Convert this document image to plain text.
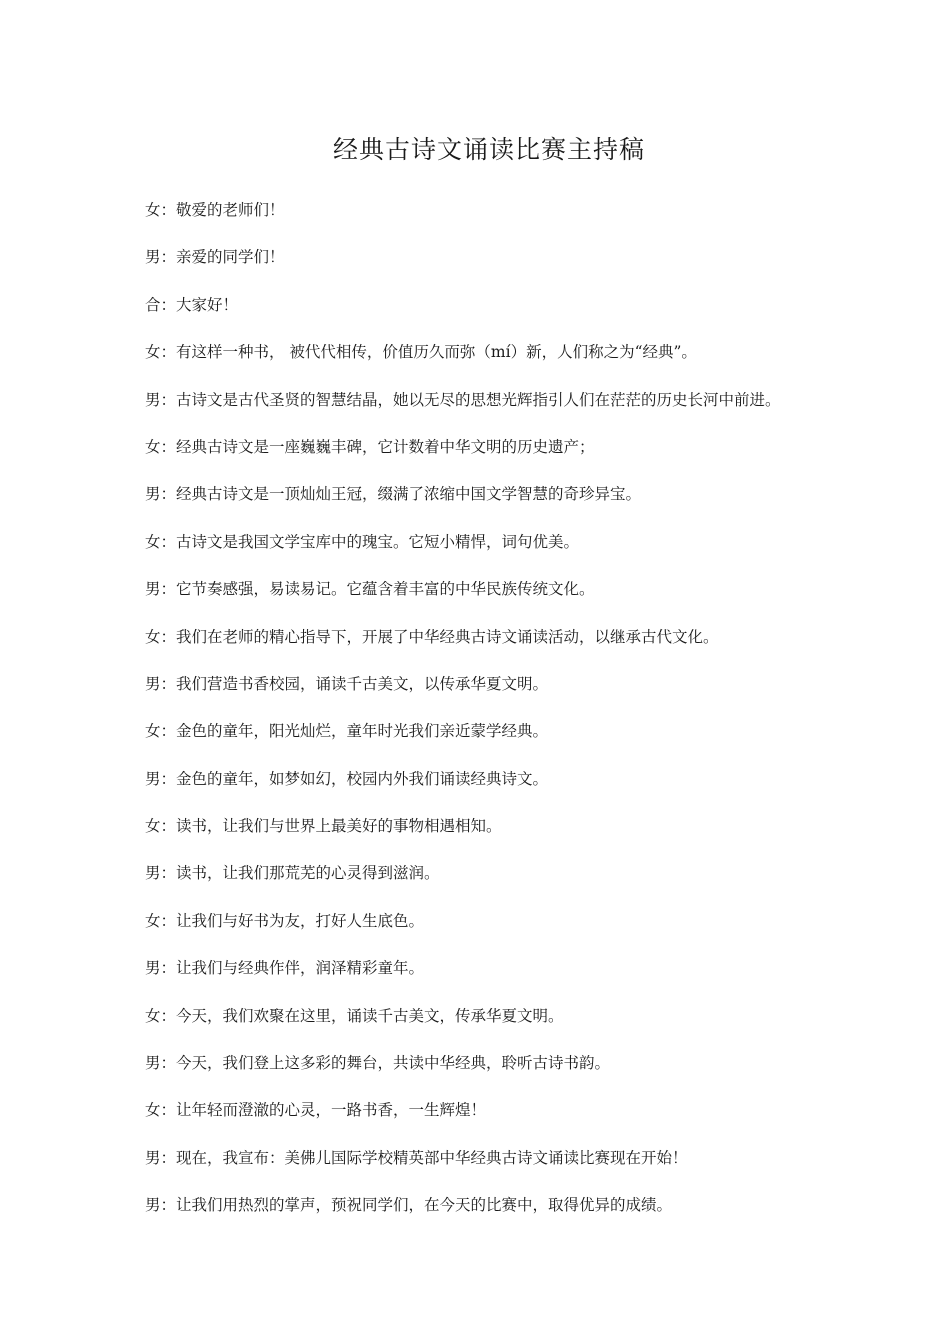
经典古诗文诵读比赛主持稿
女：敬爱的老师们！
男：亲爱的同学们！
合：大家好！
女：有这样一种书， 被代代相传，价值历久而弥（mí）新，人们称之为“经典”。
男：古诗文是古代圣贤的智慧结晶，她以无尽的思想光辉指引人们在茫茫的历史长河中前进。
女：经典古诗文是一座巍巍丰碑，它计数着中华文明的历史遗产；
男：经典古诗文是一顶灿灿王冠，缀满了浓缩中国文学智慧的奇珍异宝。
女：古诗文是我国文学宝库中的瑰宝。它短小精悍，词句优美。
男：它节奏感强，易读易记。它蕴含着丰富的中华民族传统文化。
女：我们在老师的精心指导下，开展了中华经典古诗文诵读活动，以继承古代文化。
男：我们营造书香校园，诵读千古美文，以传承华夏文明。
女：金色的童年，阳光灿烂，童年时光我们亲近蒙学经典。
男：金色的童年，如梦如幻，校园内外我们诵读经典诗文。
女：读书，让我们与世界上最美好的事物相遇相知。
男：读书，让我们那荒芜的心灵得到滋润。
女：让我们与好书为友，打好人生底色。
男：让我们与经典作伴，润泽精彩童年。
女：今天，我们欢聚在这里，诵读千古美文，传承华夏文明。
男：今天，我们登上这多彩的舞台，共读中华经典，聆听古诗书韵。
女：让年轻而澄澈的心灵，一路书香，一生辉煌！
男：现在，我宣布：美佛儿国际学校精英部中华经典古诗文诵读比赛现在开始！
男：让我们用热烈的掌声，预祝同学们，在今天的比赛中，取得优异的成绩。
